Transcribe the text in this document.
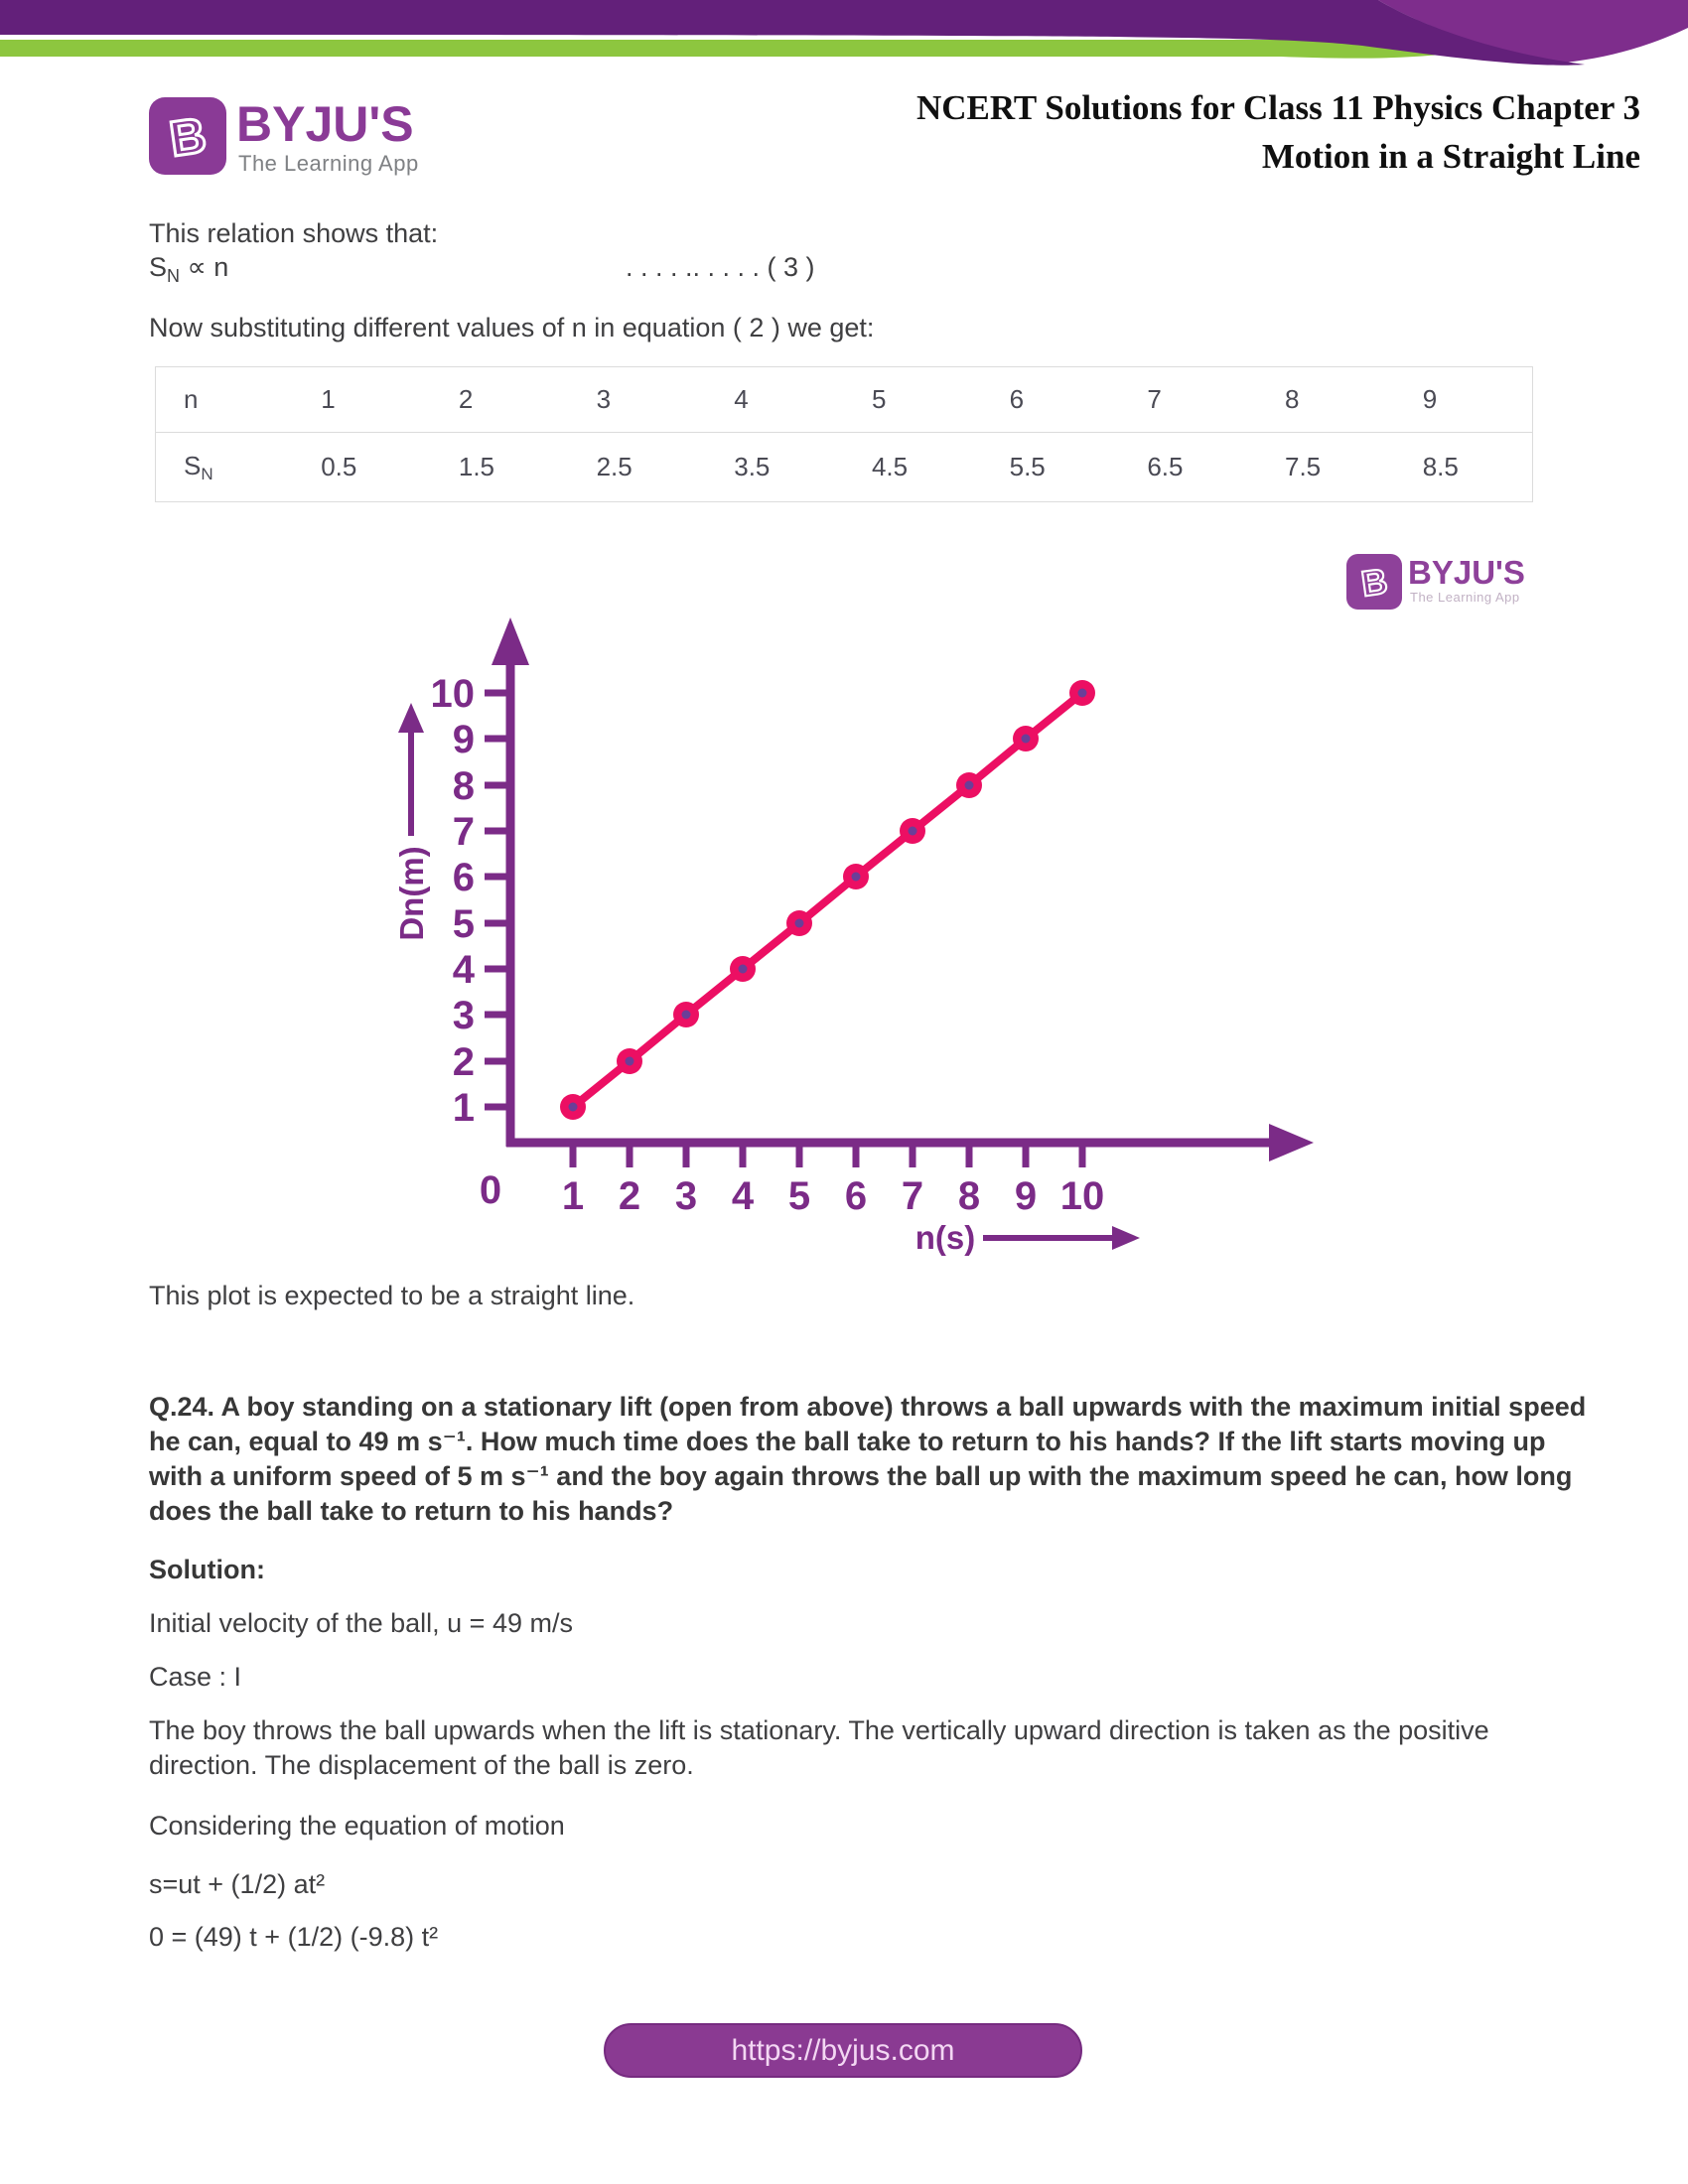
B BYJU'S
The Learning App
NCERT Solutions for Class 11 Physics Chapter 3
Motion in a Straight Line
This relation shows that:
$S_N \propto n$	. . . . .. . . . . ( 3 )
Now substituting different values of n in equation ( 2 ) we get:
n	1	2	3	4	5	6	7	8	9
SN	0.5	1.5	2.5	3.5	4.5	5.5	6.5	7.5	8.5
B BYJU'S
The Learning App
1
2
3
4
5
6
7
8
9
10
0 1 2 3 4 5 6 7 8 9 10
Dn(m)
n(s)
This plot is expected to be a straight line.
Q.24. A boy standing on a stationary lift (open from above) throws a ball upwards with the maximum initial speed he can, equal to 49 m s⁻¹. How much time does the ball take to return to his hands? If the lift starts moving up with a uniform speed of 5 m s⁻¹ and the boy again throws the ball up with the maximum speed he can, how long does the ball take to return to his hands?
Solution:
Initial velocity of the ball, u = 49 m/s
Case : I
The boy throws the ball upwards when the lift is stationary. The vertically upward direction is taken as the positive direction. The displacement of the ball is zero.
Considering the equation of motion
s=ut + (1/2) at²
0 = (49) t + (1/2) (-9.8) t²
https://byjus.com
